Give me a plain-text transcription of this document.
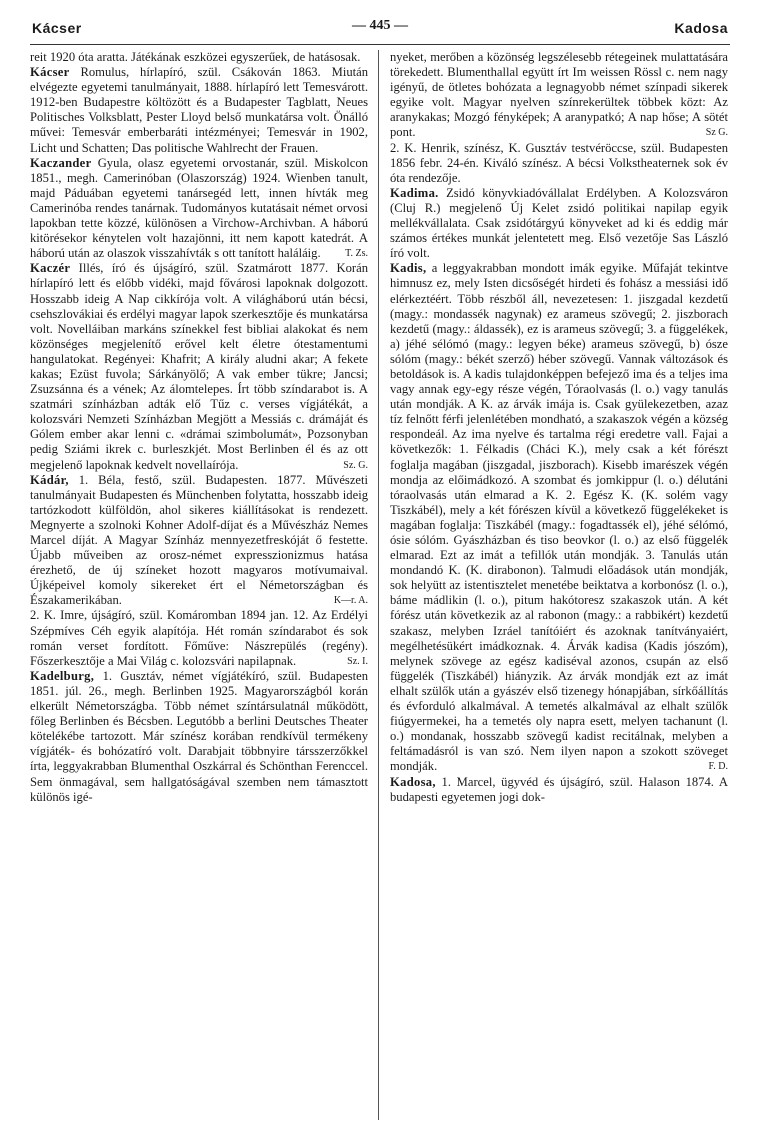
Kácser	— 445 —	Kadosa

reit 1920 óta aratta. Játékának eszközei egyszerűek, de hatásosak.

Kácser Romulus, hírlapíró, szül. Csákován 1863. Miután elvégezte egyetemi tanulmányait, 1888. hírlapíró lett Temesvárott. 1912-ben Budapestre költözött és a Budapester Tagblatt, Neues Politisches Volksblatt, Pester Lloyd belső munkatársa volt. Önálló művei: Temesvár emberbaráti intézményei; Temesvár in 1902, Licht und Schatten; Das politische Wahlrecht der Frauen.

Kaczander Gyula, olasz egyetemi orvostanár, szül. Miskolcon 1851., megh. Camerinóban (Olaszország) 1924. Wienben tanult, majd Páduában egyetemi tanársegéd lett, innen hívták meg Camerinóba rendes tanárnak. Tudományos kutatásait német orvosi lapokban tette közzé, különösen a Virchow-Archivban. A háború kitörésekor kénytelen volt hazajönni, itt nem kapott katedrát. A háború után az olaszok visszahívták s ott tanított haláláig. T. Zs.

Kaczér Illés, író és újságíró, szül. Szatmárott 1877. Korán hírlapíró lett és előbb vidéki, majd fővárosi lapoknak dolgozott. Hosszabb ideig A Nap cikkírója volt. A világháború után bécsi, csehszlovákiai és erdélyi magyar lapok szerkesztője és munkatársa volt. Novelláiban markáns színekkel fest bibliai alakokat és nem közönséges megjelenítő erővel kelt életre ótestamentumi hangulatokat. Regényei: Khafrit; A király aludni akar; A fekete kakas; Ezüst fuvola; Sárkányölő; A vak ember tükre; Jancsi; Zsuzsánna és a vének; Az álomtelepes. Írt több színdarabot is. A szatmári színházban adták elő Tűz c. verses vígjátékát, a kolozsvári Nemzeti Színházban Megjött a Messiás c. drámáját és Gólem ember akar lenni c. «drámai szimbolumát», Pozsonyban pedig Sziámi ikrek c. burleszkjét. Most Berlinben él és az ott megjelenő lapoknak kedvelt novellaírója.	Sz. G.

Kádár, 1. Béla, festő, szül. Budapesten. 1877. Művészeti tanulmányait Budapesten és Münchenben folytatta, hosszabb ideig tartózkodott külföldön, ahol sikeres kiállításokat is rendezett. Megnyerte a szolnoki Kohner Adolf-díjat és a Művészház Nemes Marcel díját. A Magyar Színház mennyezetfreskóját ő festette. Újabb műveiben az orosz-német expresszionizmus hatása érezhető, de új színeket hozott magyaros motívumaival. Újképeivel komoly sikereket ért el Németországban és Északamerikában.	K—r. A.

2. K. Imre, újságíró, szül. Komáromban 1894 jan. 12. Az Erdélyi Szépmíves Céh egyik alapítója. Hét román színdarabot és sok román verset fordított. Főműve: Nászrepülés (regény). Főszerkesztője a Mai Világ c. kolozsvári napilapnak.	Sz. I.

Kadelburg, 1. Gusztáv, német vígjátékíró, szül. Budapesten 1851. júl. 26., megh. Berlinben 1925. Magyarországból korán elkerült Németországba. Több német színtársulatnál működött, főleg Berlinben és Bécsben. Legutóbb a berlini Deutsches Theater kötelékébe tartozott. Már színész korában rendkívül termékeny vígjáték- és bohózatíró volt. Darabjait többnyire társszerzőkkel írta, leggyakrabban Blumenthal Oszkárral és Schönthan Ferenccel. Sem önmagával, sem hallgatóságával szemben nem támasztott különös igé-

nyeket, merőben a közönség legszélesebb rétegeinek mulattatására törekedett. Blumenthallal együtt írt Im weissen Rössl c. nem nagy igényű, de ötletes bohózata a legnagyobb német színpadi sikerek egyike volt. Magyar nyelven színrekerültek többek közt: Az aranykakas; Mozgó fényképek; A aranypatkó; A nap hőse; A sötét pont.	Sz G.

2. K. Henrik, színész, K. Gusztáv testvéröccse, szül. Budapesten 1856 febr. 24-én. Kiváló színész. A bécsi Volkstheaternek sok év óta rendezője.

Kadima. Zsidó könyvkiadóvállalat Erdélyben. A Kolozsváron (Cluj R.) megjelenő Új Kelet zsidó politikai napilap egyik mellékvállalata. Csak zsidótárgyú könyveket ad ki és eddig már számos értékes munkát jelentetett meg. Első vezetője Sas László író volt.

Kadis, a leggyakrabban mondott imák egyike. Műfaját tekintve himnusz ez, mely Isten dicsőségét hirdeti és fohász a messiási idő elérkeztéért. Több részből áll, nevezetesen: 1. jiszgadal kezdetű (magy.: mondassék nagynak) ez arameus szövegű; 2. jiszborach kezdetű (magy.: áldassék), ez is arameus szövegű; 3. a függelékek, a) jéhé sélómó (magy.: legyen béke) arameus szövegű, b) ósze sólóm (magy.: békét szerző) héber szövegű. Vannak változások és betoldások is. A kadis tulajdonképpen befejező ima és a teljes ima vagy annak egy-egy része végén, Tóraolvasás (l. o.) vagy tanulás után mondják. A K. az árvák imája is. Csak gyülekezetben, azaz tíz felnőtt férfi jelenlétében mondható, a szakaszok végén a község respondeál. Az ima nyelve és tartalma régi eredetre vall. Fajai a következők: 1. Félkadis (Cháci K.), mely csak a két fórészt foglalja magában (jiszgadal, jiszborach). Kisebb imarészek végén mondja az előimádkozó. A szombat és jomkippur (l. o.) délutáni tóraolvasás után elmarad a K. 2. Egész K. (K. solém vagy Tiszkábél), mely a két fórészen kívül a következő függelékeket is magában foglalja: Tiszkábél (magy.: fogadtassék el), jéhé sélómó, ósie sólóm. Gyászházban és tiso beovkor (l. o.) az első függelék elmarad. Ezt az imát a tefillók után mondják. 3. Tanulás után mondandó K. (K. dirabonon). Talmudi előadások után mondják, sok helyütt az istentisztelet menetébe beiktatva a korbonósz (l. o.), báme mádlikin (l. o.), pitum hakótoresz szakaszok után. A két fórész után következik az al rabonon (magy.: a rabbikért) kezdetű szakasz, melyben Izráel tanítóiért és azoknak tanítványaiért, megélhetésükért imádkoznak. 4. Árvák kadisa (Kadis jószóm), melynek szövege az egész kadiséval azonos, csupán az első függelék (Tiszkábél) hiányzik. Az árvák mondják ezt az imát elhalt szülők után a gyászév első tizenegy hónapjában, sírkőállítás és évforduló alkalmával. A temetés alkalmával az elhalt szülők fiúgyermekei, ha a temetés oly napra esett, melyen tachanunt (l. o.) mondanak, hosszabb szövegű kadist recitálnak, melyben a feltámadásról is van szó. Nem ilyen napon a szokott szöveget mondják.	F. D.

Kadosa, 1. Marcel, ügyvéd és újságíró, szül. Halason 1874. A budapesti egyetemen jogi dok-
